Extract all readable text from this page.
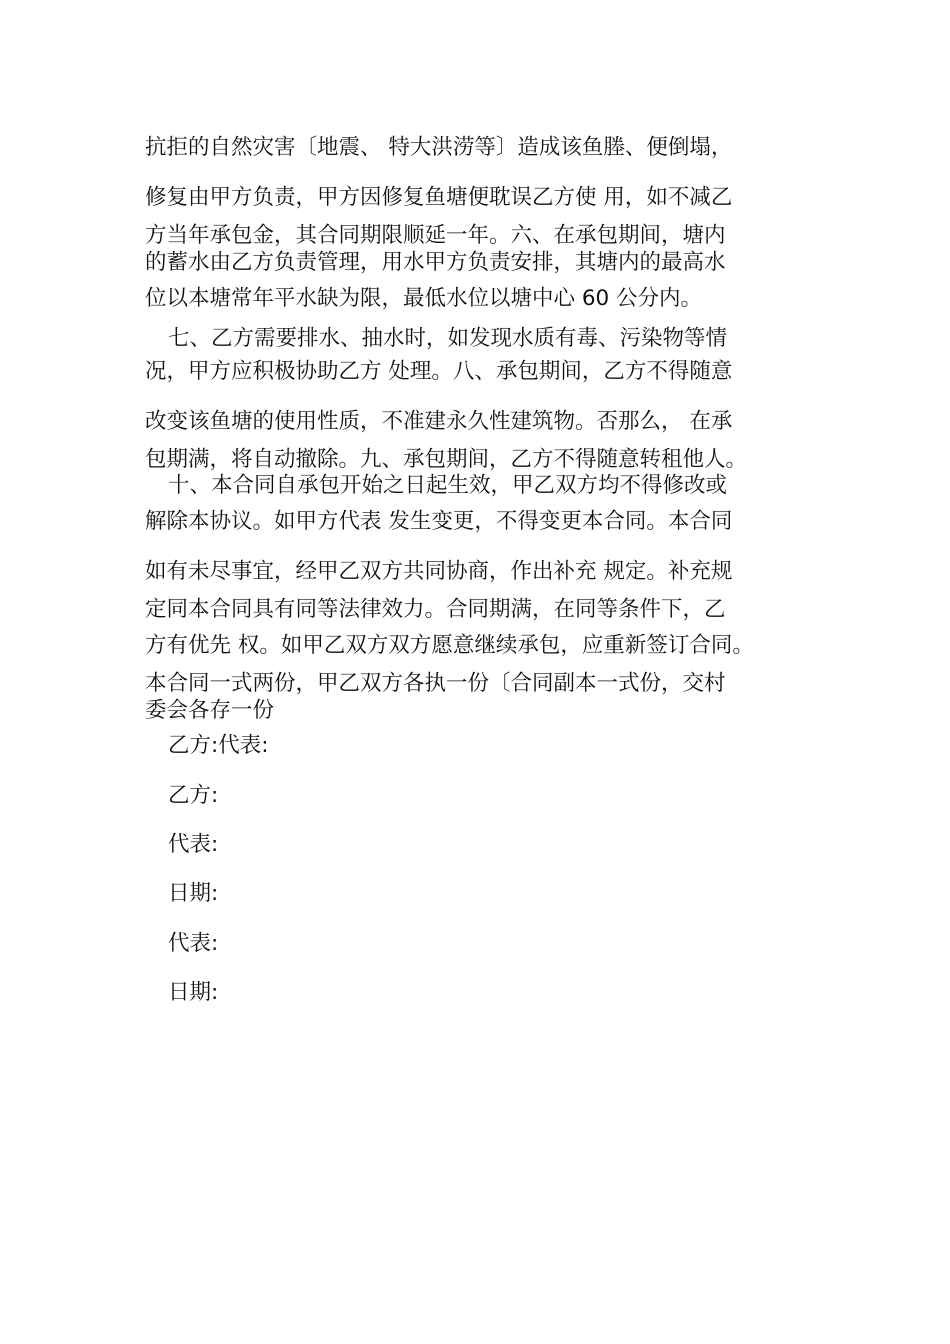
抗拒的自然灾害〔地震、 特大洪涝等〕造成该鱼塍、便倒塌，
修复由甲方负责，甲方因修复鱼塘便耽误乙方使 用，如不减乙
方当年承包金，其合同期限顺延一年。六、在承包期间，塘内
的蓄水由乙方负责管理，用水甲方负责安排，其塘内的最高水
位以本塘常年平水缺为限，最低水位以塘中心 60 公分内。
七、乙方需要排水、抽水时，如发现水质有毒、污染物等情
况，甲方应积极协助乙方 处理。八、承包期间，乙方不得随意
改变该鱼塘的使用性质，不准建永久性建筑物。否那么， 在承
包期满，将自动撤除。九、承包期间，乙方不得随意转租他人。
十、本合同自承包开始之日起生效，甲乙双方均不得修改或
解除本协议。如甲方代表 发生变更，不得变更本合同。本合同
如有未尽事宜，经甲乙双方共同协商，作出补充 规定。补充规
定同本合同具有同等法律效力。合同期满，在同等条件下，乙
方有优先 权。如甲乙双方双方愿意继续承包，应重新签订合同。
本合同一式两份，甲乙双方各执一份〔合同副本一式份，交村
委会各存一份
乙方:代表:
乙方:
代表:
日期:
代表:
日期:
